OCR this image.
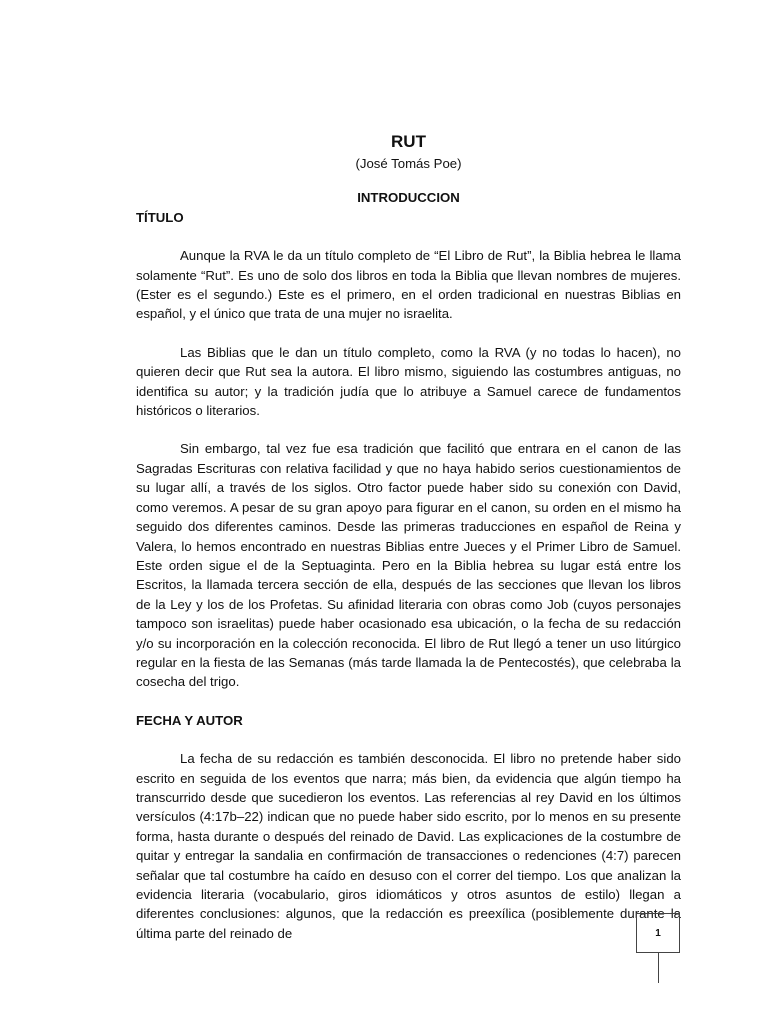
RUT

(José Tomás Poe)

INTRODUCCION

TÍTULO

Aunque la RVA le da un título completo de “El Libro de Rut”, la Biblia hebrea le llama solamente “Rut”. Es uno de solo dos libros en toda la Biblia que llevan nombres de mujeres. (Ester es el segundo.) Este es el primero, en el orden tradicional en nuestras Biblias en español, y el único que trata de una mujer no israelita.

Las Biblias que le dan un título completo, como la RVA (y no todas lo hacen), no quieren decir que Rut sea la autora. El libro mismo, siguiendo las costumbres antiguas, no identifica su autor; y la tradición judía que lo atribuye a Samuel carece de fundamentos históricos o literarios.

Sin embargo, tal vez fue esa tradición que facilitó que entrara en el canon de las Sagradas Escrituras con relativa facilidad y que no haya habido serios cuestionamientos de su lugar allí, a través de los siglos. Otro factor puede haber sido su conexión con David, como veremos. A pesar de su gran apoyo para figurar en el canon, su orden en el mismo ha seguido dos diferentes caminos. Desde las primeras traducciones en español de Reina y Valera, lo hemos encontrado en nuestras Biblias entre Jueces y el Primer Libro de Samuel. Este orden sigue el de la Septuaginta. Pero en la Biblia hebrea su lugar está entre los Escritos, la llamada tercera sección de ella, después de las secciones que llevan los libros de la Ley y los de los Profetas. Su afinidad literaria con obras como Job (cuyos personajes tampoco son israelitas) puede haber ocasionado esa ubicación, o la fecha de su redacción y/o su incorporación en la colección reconocida. El libro de Rut llegó a tener un uso litúrgico regular en la fiesta de las Semanas (más tarde llamada la de Pentecostés), que celebraba la cosecha del trigo.

FECHA Y AUTOR

La fecha de su redacción es también desconocida. El libro no pretende haber sido escrito en seguida de los eventos que narra; más bien, da evidencia que algún tiempo ha transcurrido desde que sucedieron los eventos. Las referencias al rey David en los últimos versículos (4:17b–22) indican que no puede haber sido escrito, por lo menos en su presente forma, hasta durante o después del reinado de David. Las explicaciones de la costumbre de quitar y entregar la sandalia en confirmación de transacciones o redenciones (4:7) parecen señalar que tal costumbre ha caído en desuso con el correr del tiempo. Los que analizan la evidencia literaria (vocabulario, giros idiomáticos y otros asuntos de estilo) llegan a diferentes conclusiones: algunos, que la redacción es preexílica (posiblemente durante la última parte del reinado de	1
